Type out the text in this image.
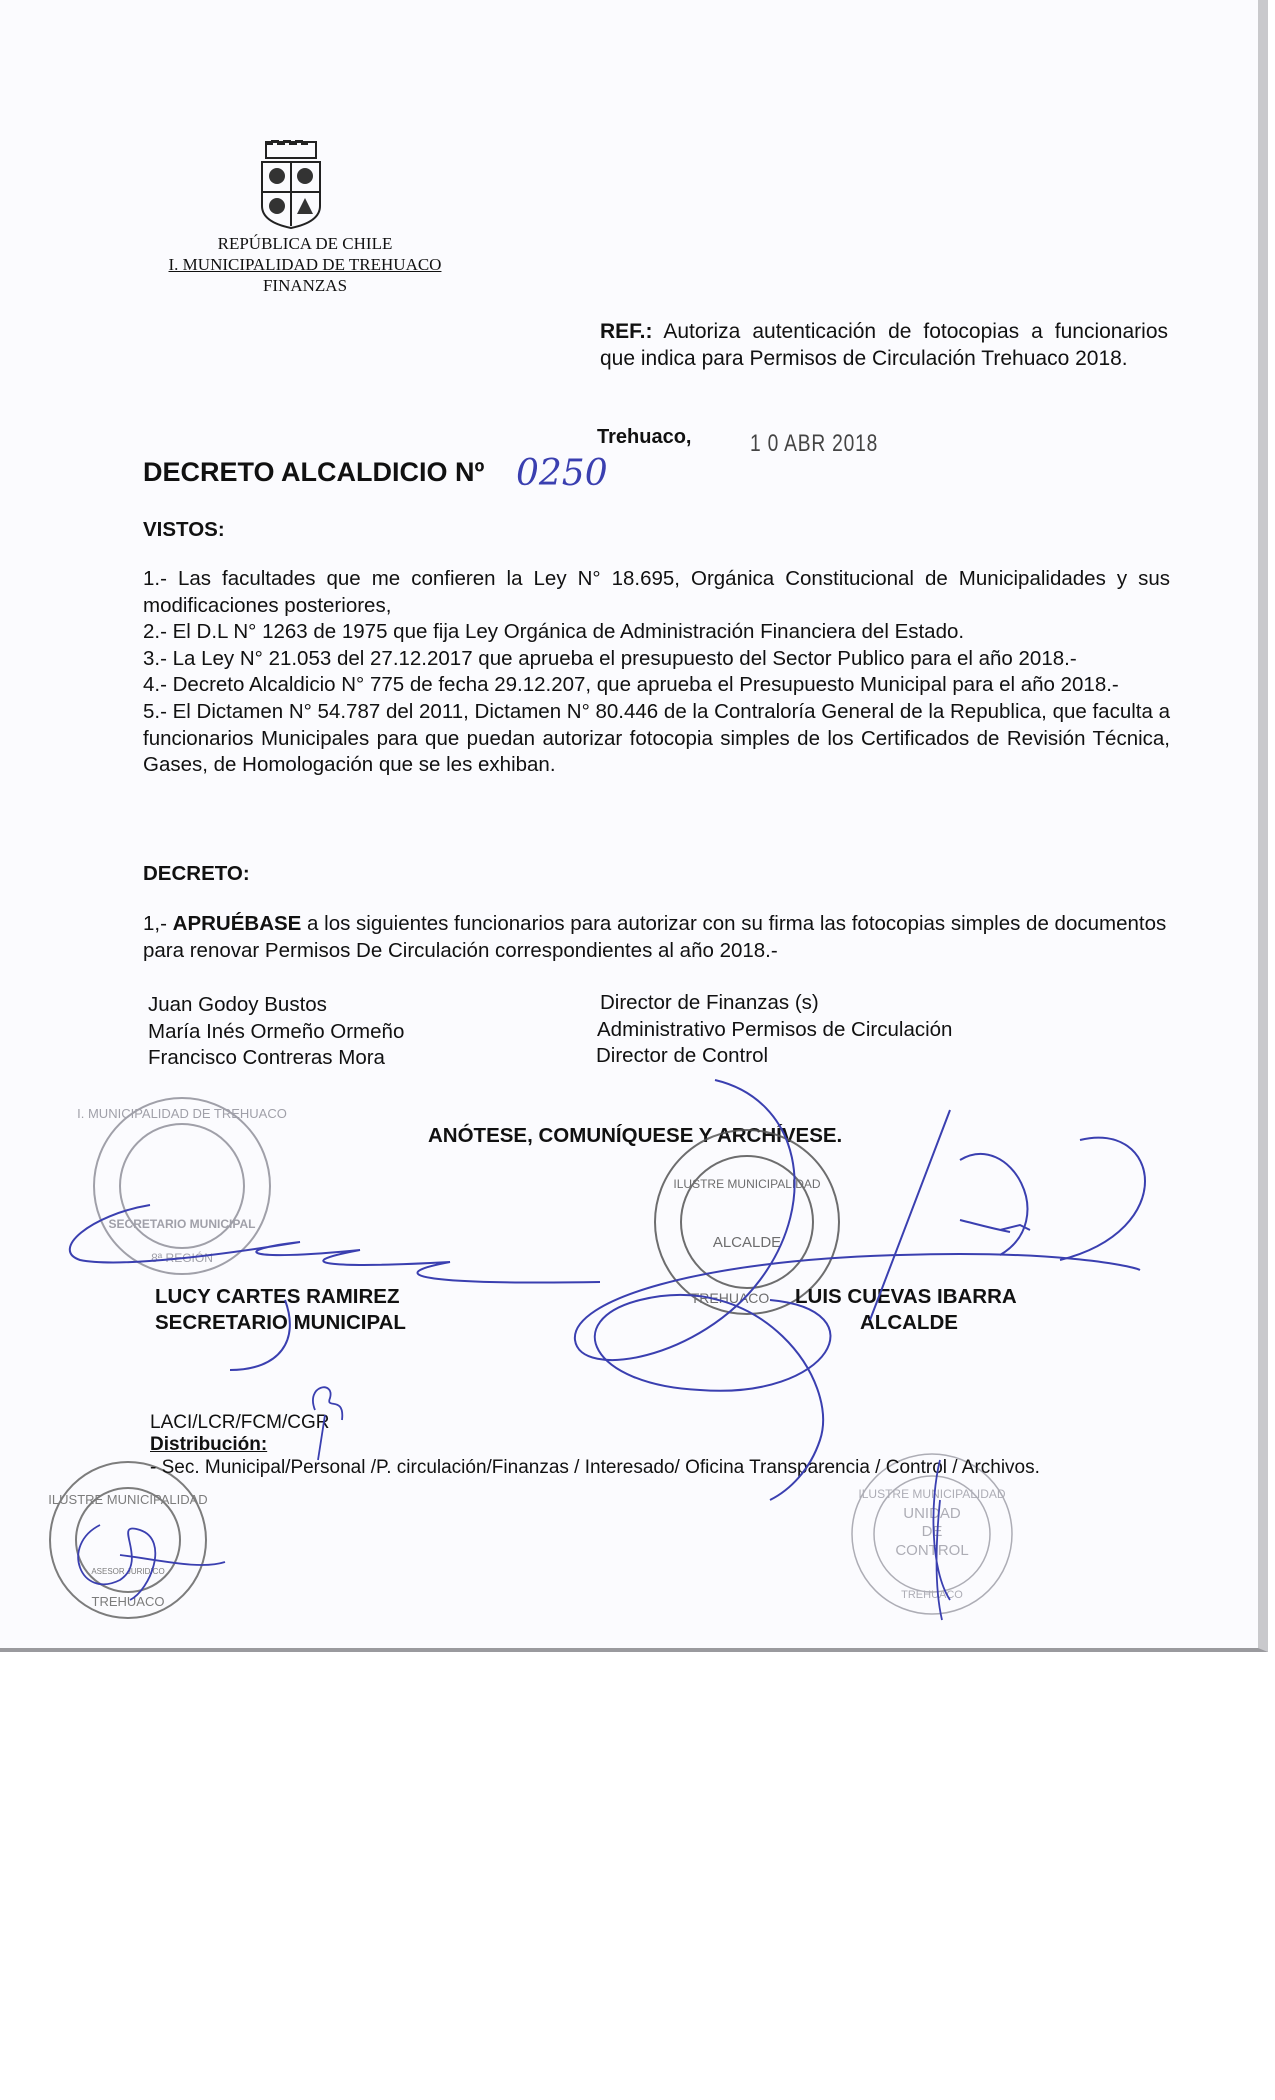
REPÚBLICA DE CHILE
I. MUNICIPALIDAD DE TREHUACO
FINANZAS
REF.: Autoriza autenticación de fotocopias a funcionarios que indica para Permisos de Circulación Trehuaco 2018.
Trehuaco, 1 0 ABR 2018
DECRETO ALCALDICIO Nº 0250
VISTOS:
1.- Las facultades que me confieren la Ley N° 18.695, Orgánica Constitucional de Municipalidades y sus modificaciones posteriores,
2.- El D.L N° 1263 de 1975 que fija Ley Orgánica de Administración Financiera del Estado.
3.- La Ley N° 21.053 del 27.12.2017 que aprueba el presupuesto del Sector Publico para el año 2018.-
4.- Decreto Alcaldicio N° 775 de fecha 29.12.207, que aprueba el Presupuesto Municipal para el año 2018.-
5.- El Dictamen N° 54.787 del 2011, Dictamen N° 80.446 de la Contraloría General de la Republica, que faculta a funcionarios Municipales para que puedan autorizar fotocopia simples de los Certificados de Revisión Técnica, Gases, de Homologación que se les exhiban.
DECRETO:
1,- APRUÉBASE a los siguientes funcionarios para autorizar con su firma las fotocopias simples de documentos para renovar Permisos De Circulación correspondientes al año 2018.-
Juan Godoy Bustos
María Inés Ormeño Ormeño
Francisco Contreras Mora
Director de Finanzas (s)
Administrativo Permisos de Circulación
Director de Control
ANÓTESE, COMUNÍQUESE Y ARCHÍVESE.
I. MUNICIPALIDAD DE TREHUACO
SECRETARIO MUNICIPAL
8ª REGIÓN
ILUSTRE MUNICIPALIDAD
ALCALDE
TREHUACO
ILUSTRE MUNICIPALIDAD
ASESOR JURIDICO
TREHUACO
ILUSTRE MUNICIPALIDAD
UNIDAD
DE
CONTROL
TREHUACO
LUCY CARTES RAMIREZ
SECRETARIO MUNICIPAL
LUIS CUEVAS IBARRA
ALCALDE
LACI/LCR/FCM/CGR
Distribución:
- Sec. Municipal/Personal /P. circulación/Finanzas / Interesado/ Oficina Transparencia / Control / Archivos.
